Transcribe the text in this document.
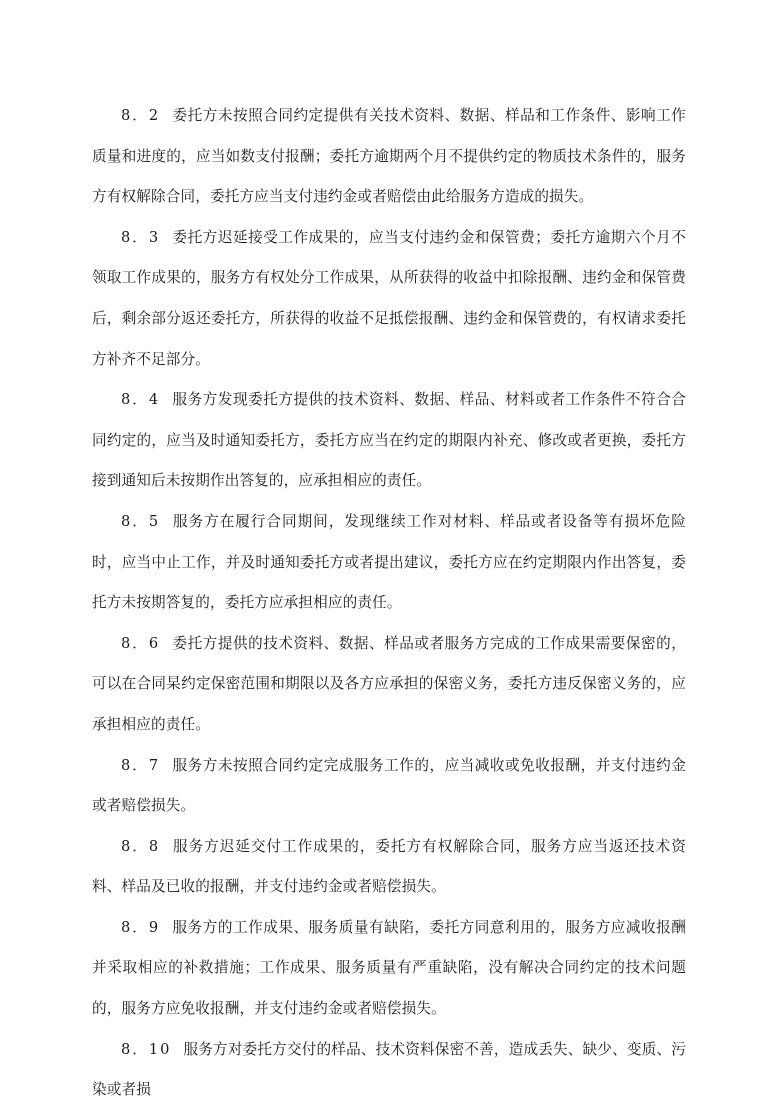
8．2 委托方未按照合同约定提供有关技术资料、数据、样品和工作条件、影响工作质量和进度的，应当如数支付报酬；委托方逾期两个月不提供约定的物质技术条件的，服务方有权解除合同，委托方应当支付违约金或者赔偿由此给服务方造成的损失。

8．3 委托方迟延接受工作成果的，应当支付违约金和保管费；委托方逾期六个月不领取工作成果的，服务方有权处分工作成果，从所获得的收益中扣除报酬、违约金和保管费后，剩余部分返还委托方，所获得的收益不足抵偿报酬、违约金和保管费的，有权请求委托方补齐不足部分。

8．4 服务方发现委托方提供的技术资料、数据、样品、材料或者工作条件不符合合同约定的，应当及时通知委托方，委托方应当在约定的期限内补充、修改或者更换，委托方接到通知后未按期作出答复的，应承担相应的责任。

8．5 服务方在履行合同期间，发现继续工作对材料、样品或者设备等有损坏危险时，应当中止工作，并及时通知委托方或者提出建议，委托方应在约定期限内作出答复，委托方未按期答复的，委托方应承担相应的责任。

8．6 委托方提供的技术资料、数据、样品或者服务方完成的工作成果需要保密的，可以在合同杲约定保密范围和期限以及各方应承担的保密义务，委托方违反保密义务的，应承担相应的责任。

8．7 服务方未按照合同约定完成服务工作的，应当减收或免收报酬，并支付违约金或者赔偿损失。

8．8 服务方迟延交付工作成果的，委托方有权解除合同，服务方应当返还技术资料、样品及已收的报酬，并支付违约金或者赔偿损失。

8．9 服务方的工作成果、服务质量有缺陷，委托方同意利用的，服务方应减收报酬并采取相应的补救措施；工作成果、服务质量有严重缺陷，没有解决合同约定的技术问题的，服务方应免收报酬，并支付违约金或者赔偿损失。

8．10 服务方对委托方交付的样品、技术资料保密不善，造成丢失、缺少、变质、污染或者损
